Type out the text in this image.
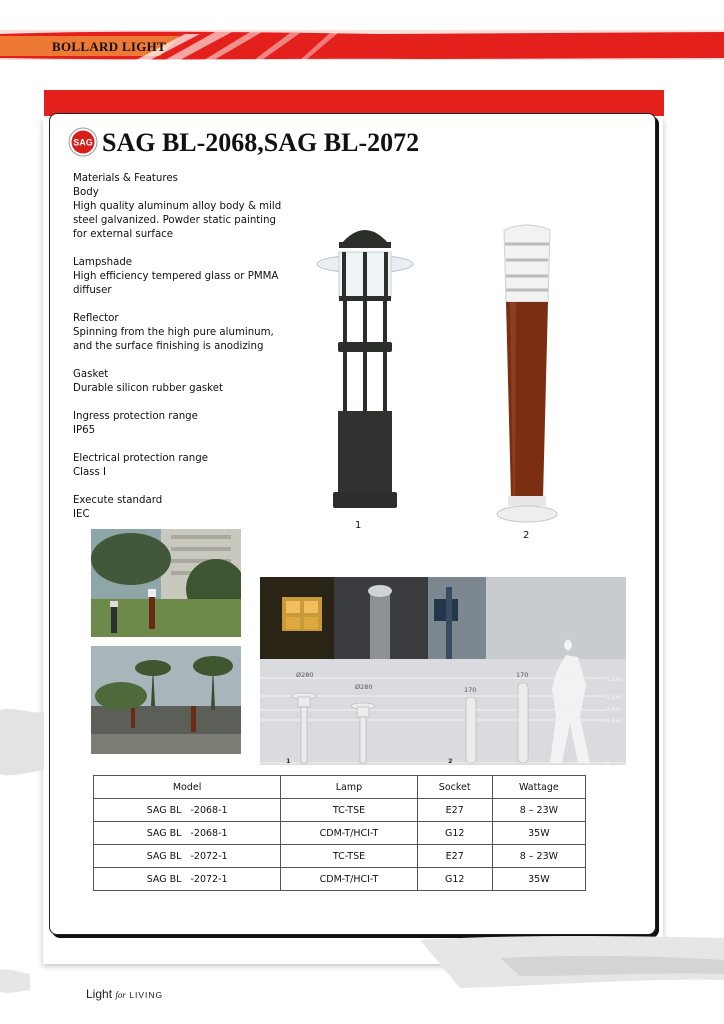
BOLLARD LIGHT
SAG SAG BL-2068,SAG BL-2072
Materials & Features
Body
High quality aluminum alloy body & mild steel galvanized. Powder static painting for external surface
Lampshade
High efficiency tempered glass or PMMA diffuser
Reflector
Spinning from the high pure aluminum, and the surface finishing is anodizing
Gasket
Durable silicon rubber gasket
Ingress protection range
IP65
Electrical protection range
Class I
Execute standard
IEC
1
2
1.2m
1.0m
0.8m
0.5m
0
Ø280
Ø280	170
170
1	2
Model	Lamp	Socket	Wattage
SAG BL   -2068-1	TC-TSE	E27	8 – 23W
SAG BL   -2068-1	CDM-T/HCI-T	G12	35W
SAG BL   -2072-1	TC-TSE	E27	8 – 23W
SAG BL   -2072-1	CDM-T/HCI-T	G12	35W
Light for LIVING
